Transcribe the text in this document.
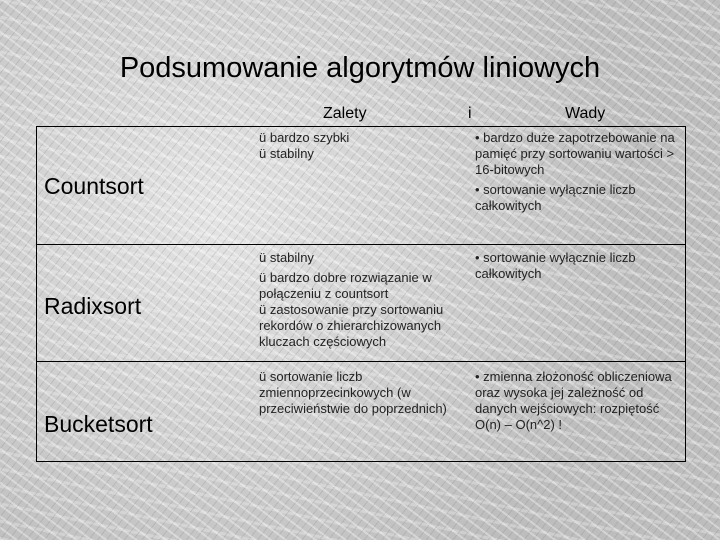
Podsumowanie algorytmów liniowych
Zalety	i	Wady
Countsort
ü bardzo szybki
ü stabilny
• bardzo duże zapotrzebowanie na pamięć przy sortowaniu wartości > 16-bitowych
• sortowanie wyłącznie liczb całkowitych
Radixsort
ü stabilny
ü bardzo dobre rozwiązanie w połączeniu z countsort
ü zastosowanie przy sortowaniu rekordów o zhierarchizowanych kluczach częściowych
• sortowanie wyłącznie liczb całkowitych
Bucketsort
ü sortowanie liczb zmiennoprzecinkowych (w przeciwieństwie do poprzednich)
• zmienna złożoność obliczeniowa oraz wysoka jej zależność od danych wejściowych: rozpiętość O(n) – O(n^2) !
